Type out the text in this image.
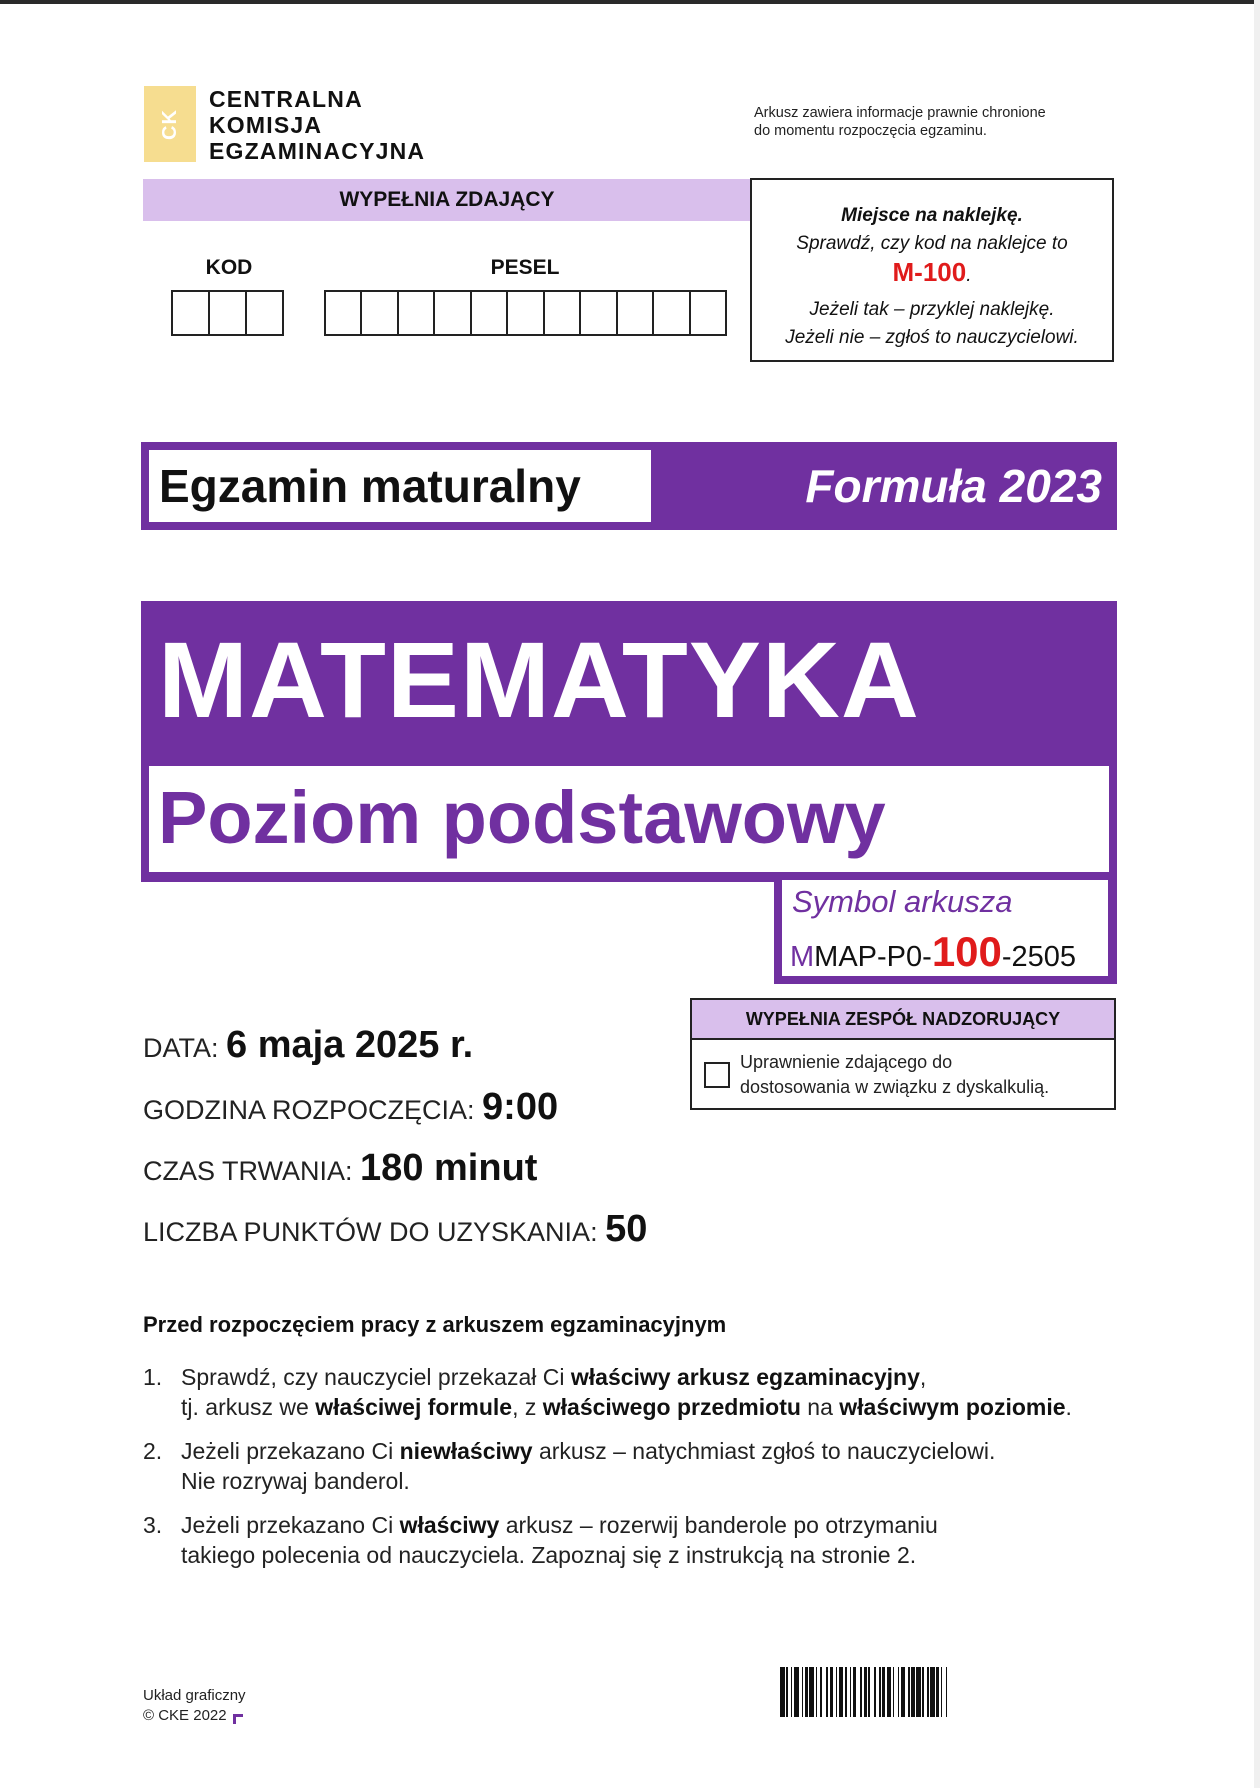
CK
CENTRALNA
KOMISJA
EGZAMINACYJNA
Arkusz zawiera informacje prawnie chronione
do momentu rozpoczęcia egzaminu.
WYPEŁNIA ZDAJĄCY
KOD	PESEL
Miejsce na naklejkę.
Sprawdź, czy kod na naklejce to
M-100.
Jeżeli tak – przyklej naklejkę.
Jeżeli nie – zgłoś to nauczycielowi.
Egzamin maturalny	Formuła 2023
MATEMATYKA
Poziom podstawowy
Symbol arkusza
MMAP-P0-100-2505
WYPEŁNIA ZESPÓŁ NADZORUJĄCY
Uprawnienie zdającego do
dostosowania w związku z dyskalkulią.
DATA: 6 maja 2025 r.
GODZINA ROZPOCZĘCIA: 9:00
CZAS TRWANIA: 180 minut
LICZBA PUNKTÓW DO UZYSKANIA: 50
Przed rozpoczęciem pracy z arkuszem egzaminacyjnym
1. Sprawdź, czy nauczyciel przekazał Ci właściwy arkusz egzaminacyjny,
tj. arkusz we właściwej formule, z właściwego przedmiotu na właściwym poziomie.
2. Jeżeli przekazano Ci niewłaściwy arkusz – natychmiast zgłoś to nauczycielowi.
Nie rozrywaj banderol.
3. Jeżeli przekazano Ci właściwy arkusz – rozerwij banderole po otrzymaniu
takiego polecenia od nauczyciela. Zapoznaj się z instrukcją na stronie 2.
Układ graficzny
© CKE 2022
